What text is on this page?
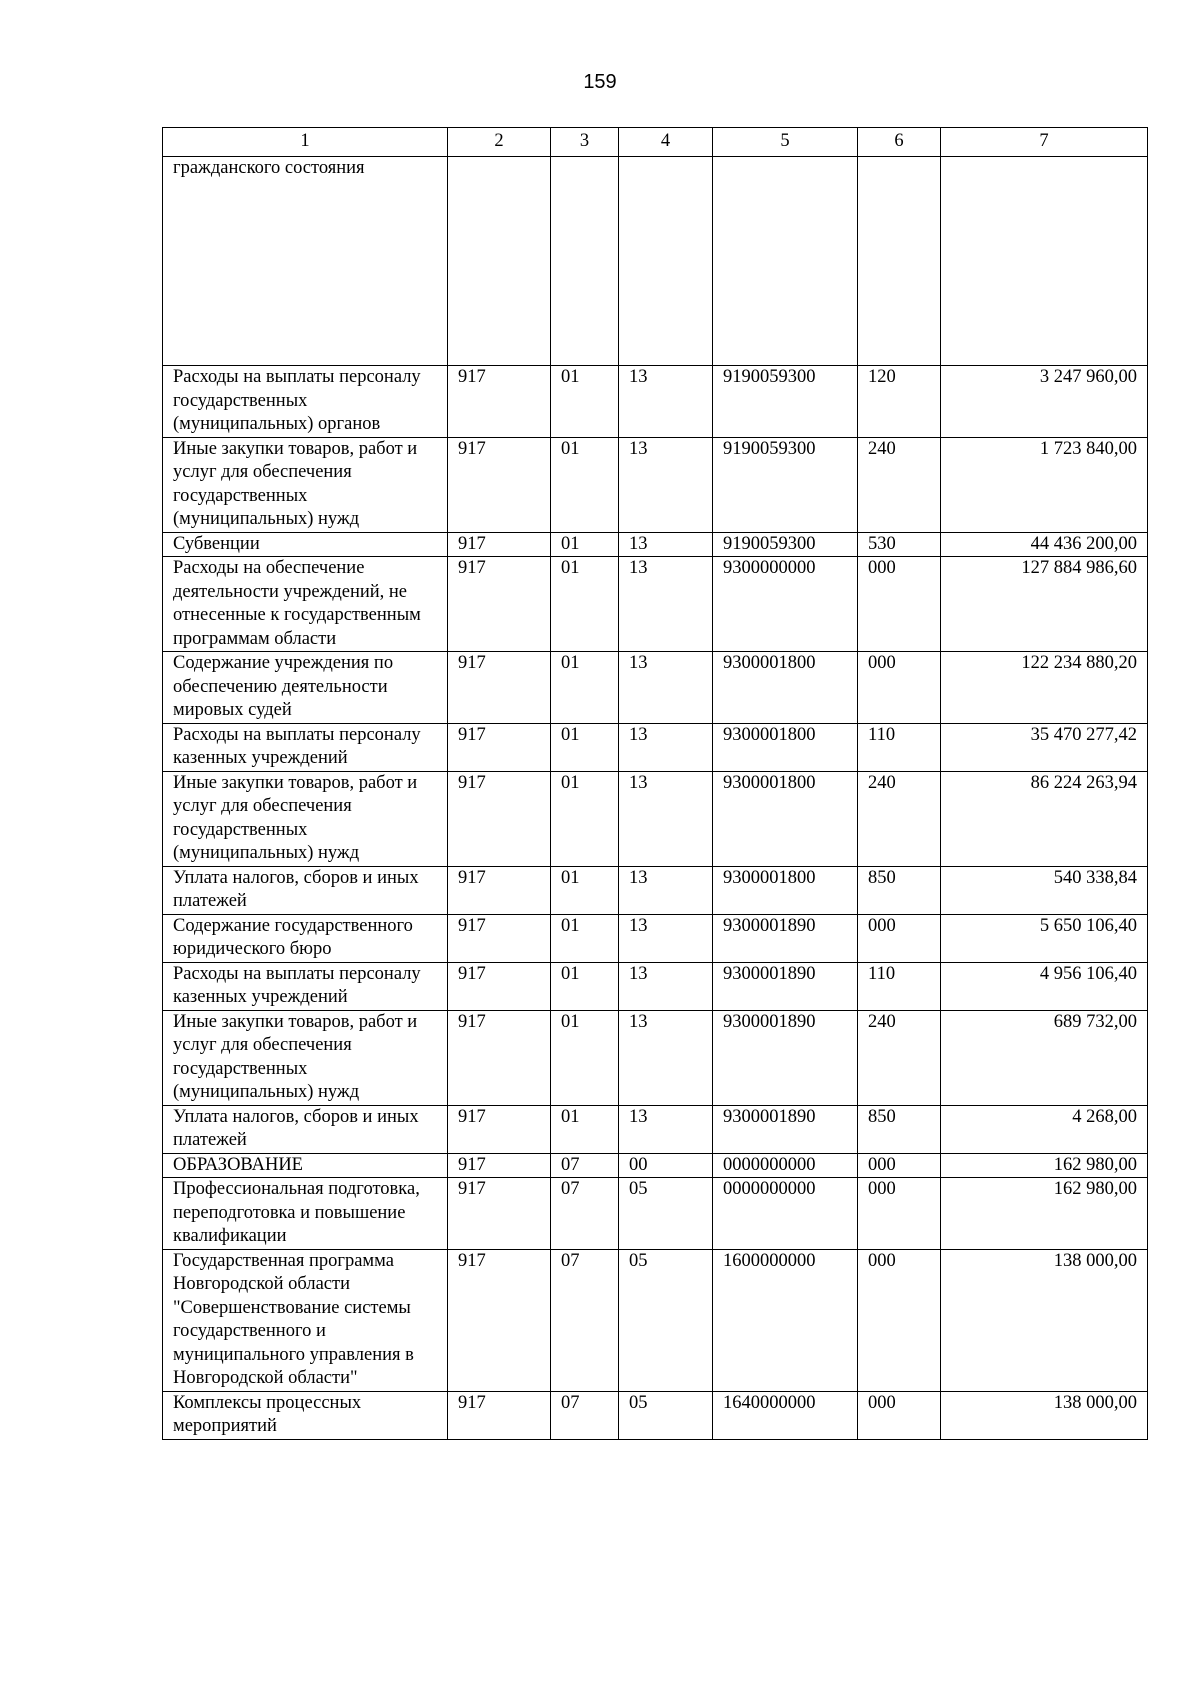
159
1	2	3	4	5	6	7
гражданского состояния						
Расходы на выплаты персоналу государственных (муниципальных) органов	917	01	13	9190059300	120	3 247 960,00
Иные закупки товаров, работ и услуг для обеспечения государственных (муниципальных) нужд	917	01	13	9190059300	240	1 723 840,00
Субвенции	917	01	13	9190059300	530	44 436 200,00
Расходы на обеспечение деятельности учреждений, не отнесенные к государственным программам области	917	01	13	9300000000	000	127 884 986,60
Содержание учреждения по обеспечению деятельности мировых судей	917	01	13	9300001800	000	122 234 880,20
Расходы на выплаты персоналу казенных учреждений	917	01	13	9300001800	110	35 470 277,42
Иные закупки товаров, работ и услуг для обеспечения государственных (муниципальных) нужд	917	01	13	9300001800	240	86 224 263,94
Уплата налогов, сборов и иных платежей	917	01	13	9300001800	850	540 338,84
Содержание государственного юридического бюро	917	01	13	9300001890	000	5 650 106,40
Расходы на выплаты персоналу казенных учреждений	917	01	13	9300001890	110	4 956 106,40
Иные закупки товаров, работ и услуг для обеспечения государственных (муниципальных) нужд	917	01	13	9300001890	240	689 732,00
Уплата налогов, сборов и иных платежей	917	01	13	9300001890	850	4 268,00
ОБРАЗОВАНИЕ	917	07	00	0000000000	000	162 980,00
Профессиональная подготовка, переподготовка и повышение квалификации	917	07	05	0000000000	000	162 980,00
Государственная программа Новгородской области "Совершенствование системы государственного и муниципального управления в Новгородской области"	917	07	05	1600000000	000	138 000,00
Комплексы процессных мероприятий	917	07	05	1640000000	000	138 000,00
